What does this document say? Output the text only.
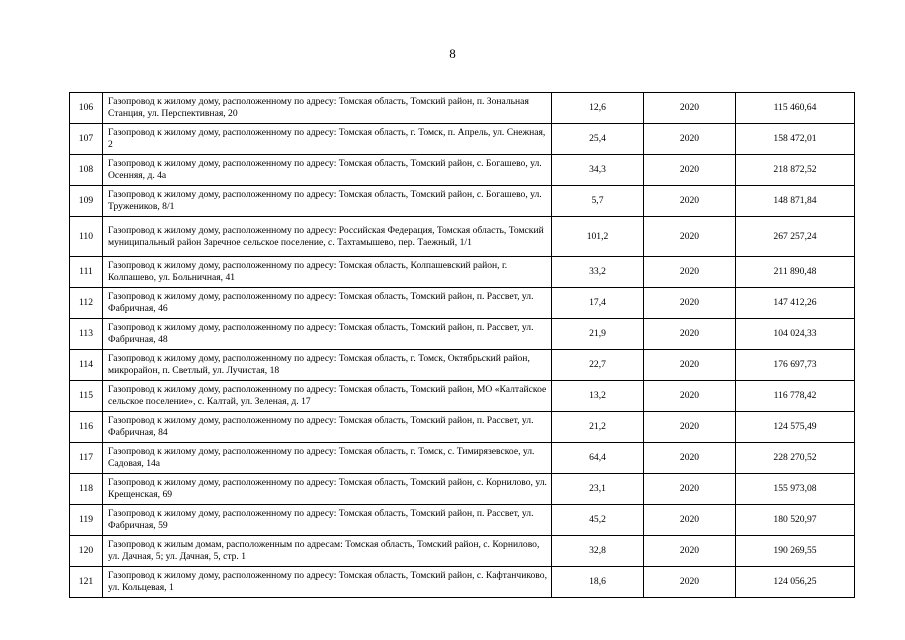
8
106	Газопровод к жилому дому, расположенному по адресу: Томская область, Томский район, п. Зональная Станция, ул. Перспективная, 20	12,6	2020	115 460,64
107	Газопровод к жилому дому, расположенному по адресу: Томская область, г. Томск, п. Апрель, ул. Снежная, 2	25,4	2020	158 472,01
108	Газопровод к жилому дому, расположенному по адресу: Томская область, Томский район, с. Богашево, ул. Осенняя, д. 4а	34,3	2020	218 872,52
109	Газопровод к жилому дому, расположенному по адресу: Томская область, Томский район, с. Богашево, ул. Тружеников, 8/1	5,7	2020	148 871,84
110	Газопровод к жилому дому, расположенному по адресу: Российская Федерация, Томская область, Томский муниципальный район Заречное сельское поселение, с. Тахтамышево, пер. Таежный, 1/1	101,2	2020	267 257,24
111	Газопровод к жилому дому, расположенному по адресу: Томская область, Колпашевский район, г. Колпашево, ул. Больничная, 41	33,2	2020	211 890,48
112	Газопровод к жилому дому, расположенному по адресу: Томская область, Томский район, п. Рассвет, ул. Фабричная, 46	17,4	2020	147 412,26
113	Газопровод к жилому дому, расположенному по адресу: Томская область, Томский район, п. Рассвет, ул. Фабричная, 48	21,9	2020	104 024,33
114	Газопровод к жилому дому, расположенному по адресу: Томская область, г. Томск, Октябрьский район, микрорайон, п. Светлый, ул. Лучистая, 18	22,7	2020	176 697,73
115	Газопровод к жилому дому, расположенному по адресу: Томская область, Томский район, МО «Калтайское сельское поселение», с. Калтай, ул. Зеленая, д. 17	13,2	2020	116 778,42
116	Газопровод к жилому дому, расположенному по адресу: Томская область, Томский район, п. Рассвет, ул. Фабричная, 84	21,2	2020	124 575,49
117	Газопровод к жилому дому, расположенному по адресу: Томская область, г. Томск, с. Тимирязевское, ул. Садовая, 14а	64,4	2020	228 270,52
118	Газопровод к жилому дому, расположенному по адресу: Томская область, Томский район, с. Корнилово, ул. Крещенская, 69	23,1	2020	155 973,08
119	Газопровод к жилому дому, расположенному по адресу: Томская область, Томский район, п. Рассвет, ул. Фабричная, 59	45,2	2020	180 520,97
120	Газопровод к жилым домам, расположенным по адресам: Томская область, Томский район, с. Корнилово, ул. Дачная, 5; ул. Дачная, 5, стр. 1	32,8	2020	190 269,55
121	Газопровод к жилому дому, расположенному по адресу: Томская область, Томский район, с. Кафтанчиково, ул. Кольцевая, 1	18,6	2020	124 056,25
